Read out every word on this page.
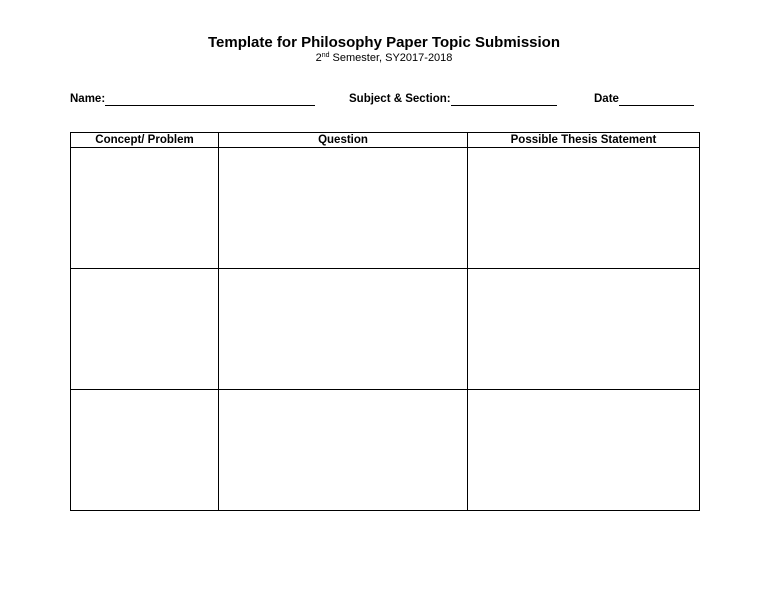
Template for Philosophy Paper Topic Submission
2nd Semester, SY2017-2018
Name:	Subject & Section:	Date
Concept/ Problem	Question	Possible Thesis Statement
